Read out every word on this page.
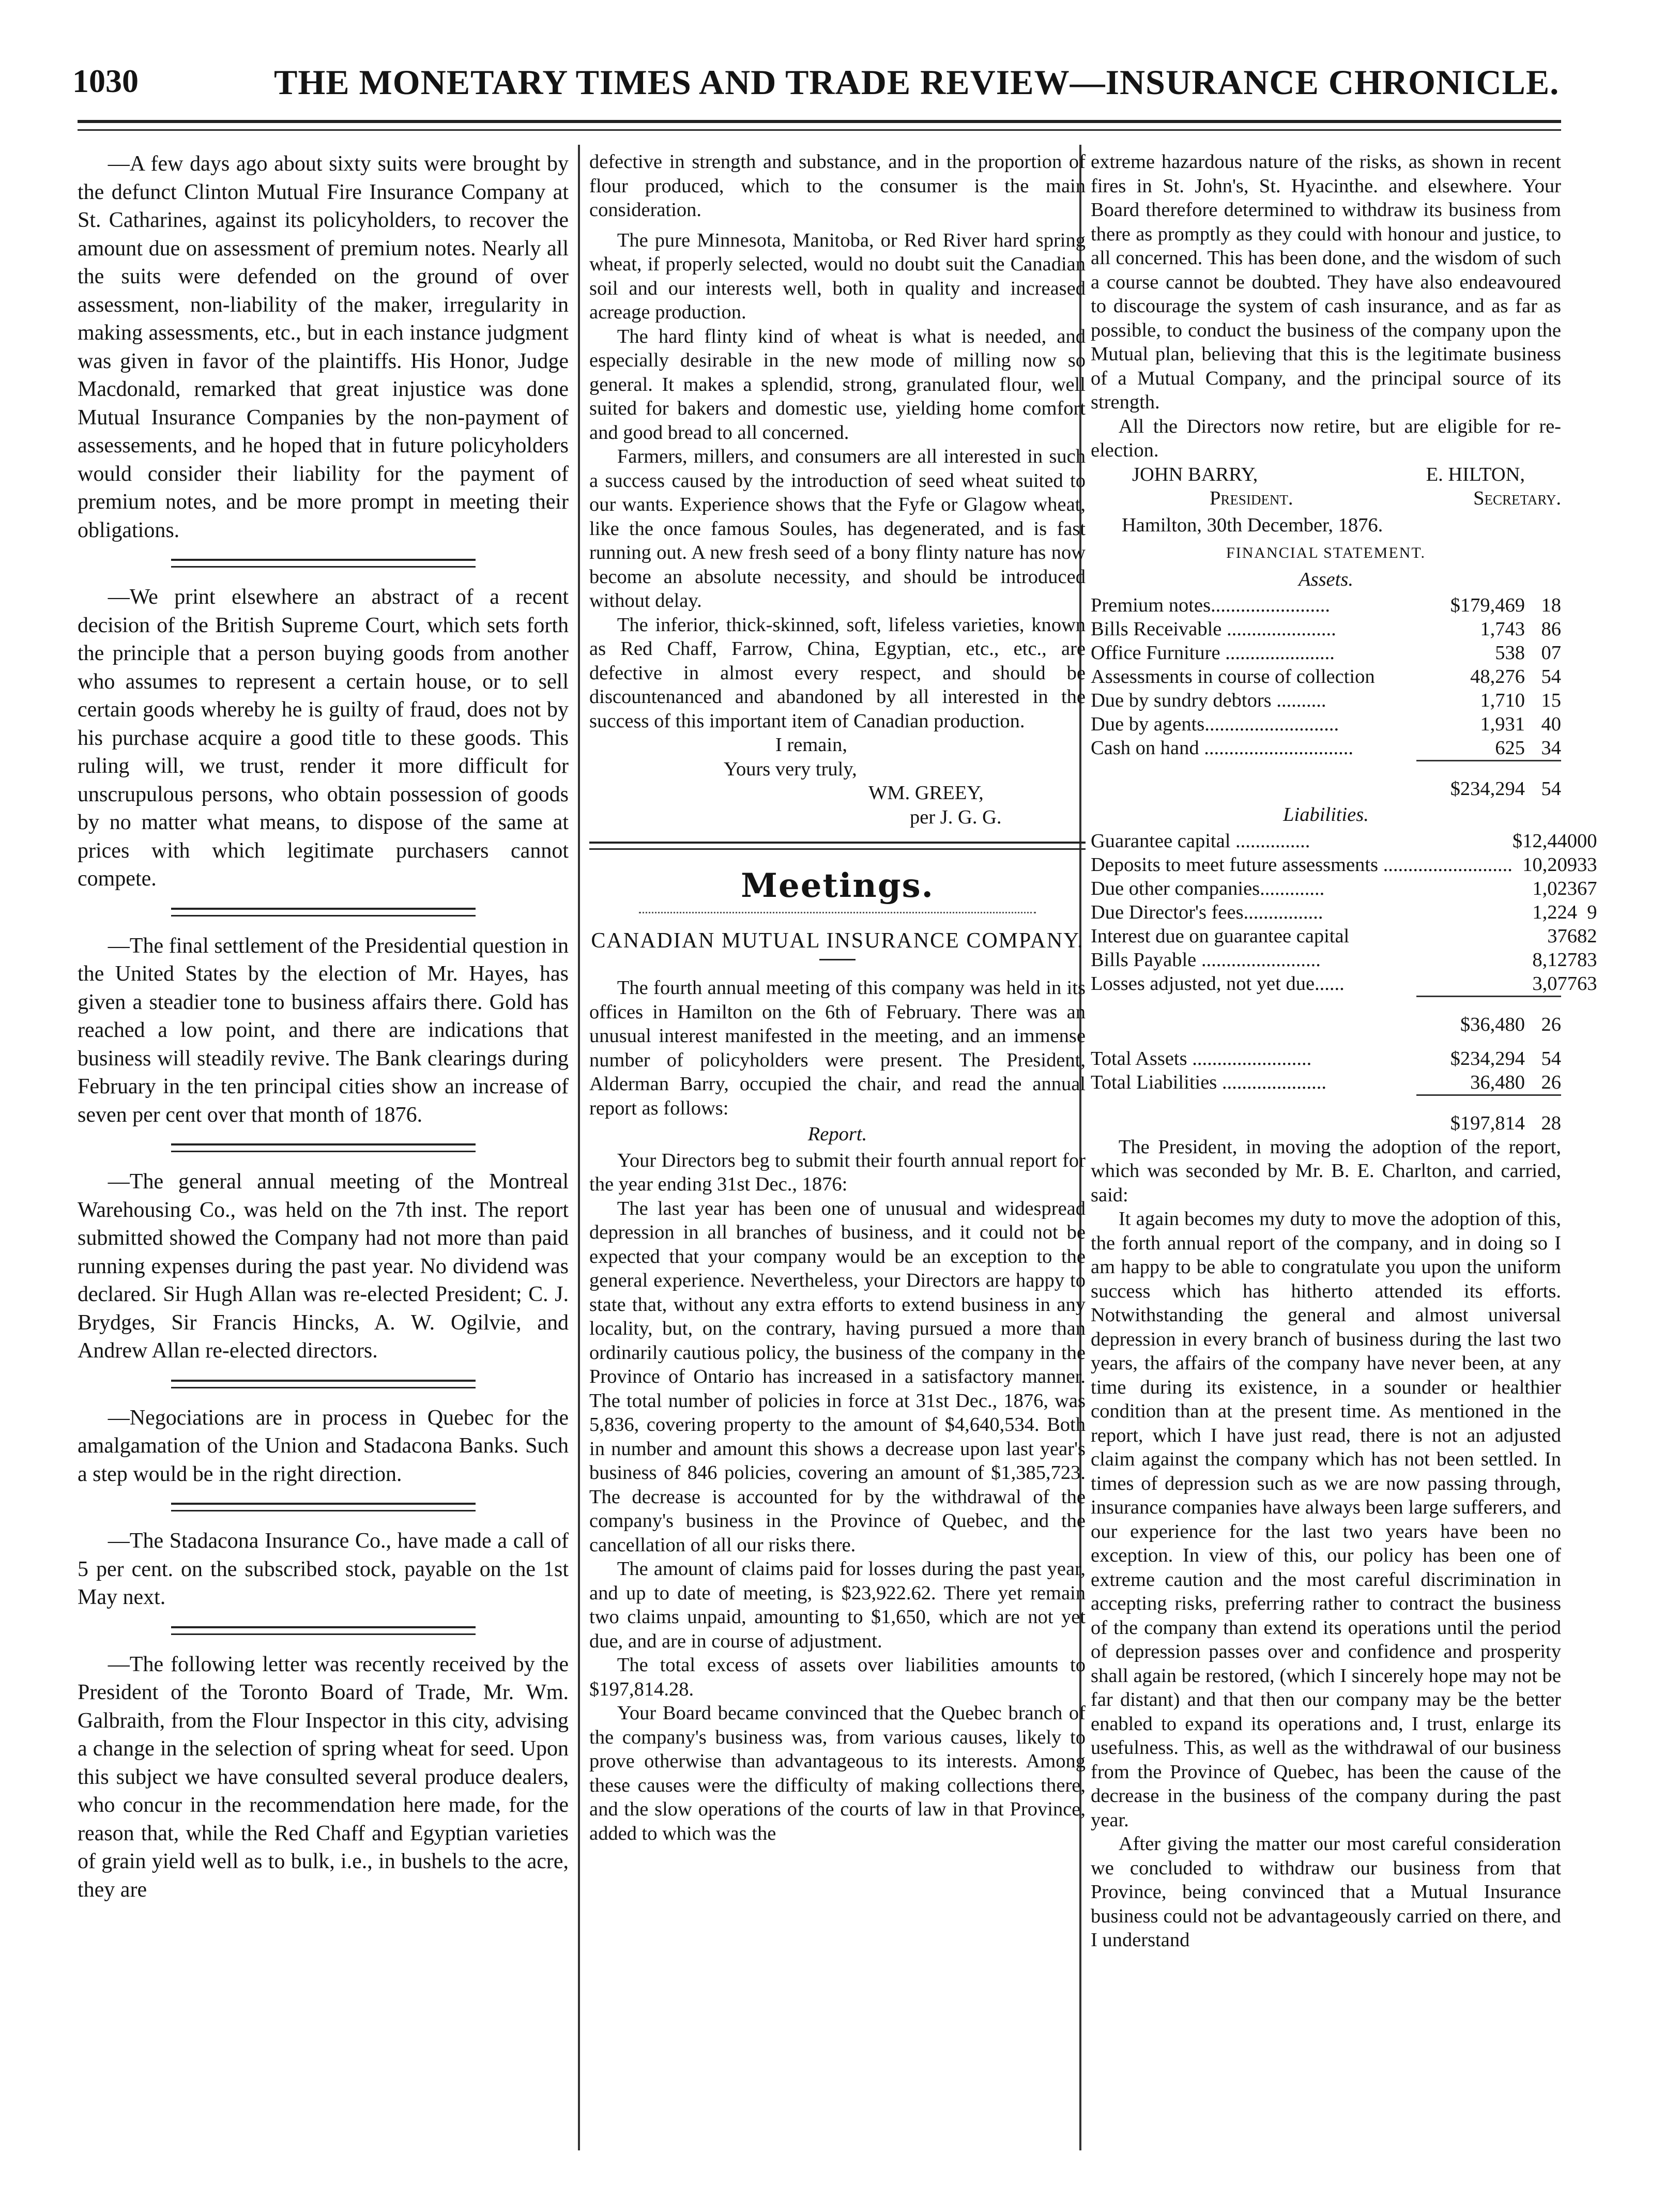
1030	THE MONETARY TIMES AND TRADE REVIEW—INSURANCE CHRONICLE.

—A few days ago about sixty suits were brought by the defunct Clinton Mutual Fire Insurance Company at St. Catharines, against its policyholders, to recover the amount due on assessment of premium notes. Nearly all the suits were defended on the ground of over assessment, non-liability of the maker, irregularity in making assessments, etc., but in each instance judgment was given in favor of the plaintiffs. His Honor, Judge Macdonald, remarked that great injustice was done Mutual Insurance Companies by the non-payment of assessements, and he hoped that in future policyholders would consider their liability for the payment of premium notes, and be more prompt in meeting their obligations.

—We print elsewhere an abstract of a recent decision of the British Supreme Court, which sets forth the principle that a person buying goods from another who assumes to represent a certain house, or to sell certain goods whereby he is guilty of fraud, does not by his purchase acquire a good title to these goods. This ruling will, we trust, render it more difficult for unscrupulous persons, who obtain possession of goods by no matter what means, to dispose of the same at prices with which legitimate purchasers cannot compete.

—The final settlement of the Presidential question in the United States by the election of Mr. Hayes, has given a steadier tone to business affairs there. Gold has reached a low point, and there are indications that business will steadily revive. The Bank clearings during February in the ten principal cities show an increase of seven per cent over that month of 1876.

—The general annual meeting of the Montreal Warehousing Co., was held on the 7th inst. The report submitted showed the Company had not more than paid running expenses during the past year. No dividend was declared. Sir Hugh Allan was re-elected President; C. J. Brydges, Sir Francis Hincks, A. W. Ogilvie, and Andrew Allan re-elected directors.

—Negociations are in process in Quebec for the amalgamation of the Union and Stadacona Banks. Such a step would be in the right direction.

—The Stadacona Insurance Co., have made a call of 5 per cent. on the subscribed stock, payable on the 1st May next.

—The following letter was recently received by the President of the Toronto Board of Trade, Mr. Wm. Galbraith, from the Flour Inspector in this city, advising a change in the selection of spring wheat for seed. Upon this subject we have consulted several produce dealers, who concur in the recommendation here made, for the reason that, while the Red Chaff and Egyptian varieties of grain yield well as to bulk, i.e., in bushels to the acre, they are

defective in strength and substance, and in the proportion of flour produced, which to the consumer is the main consideration.

The pure Minnesota, Manitoba, or Red River hard spring wheat, if properly selected, would no doubt suit the Canadian soil and our interests well, both in quality and increased acreage production.

The hard flinty kind of wheat is what is needed, and especially desirable in the new mode of milling now so general. It makes a splendid, strong, granulated flour, well suited for bakers and domestic use, yielding home comfort and good bread to all concerned.

Farmers, millers, and consumers are all interested in such a success caused by the introduction of seed wheat suited to our wants. Experience shows that the Fyfe or Glagow wheat, like the once famous Soules, has degenerated, and is fast running out. A new fresh seed of a bony flinty nature has now become an absolute necessity, and should be introduced without delay.

The inferior, thick-skinned, soft, lifeless varieties, known as Red Chaff, Farrow, China, Egyptian, etc., etc., are defective in almost every respect, and should be discountenanced and abandoned by all interested in the success of this important item of Canadian production.

I remain,
Yours very truly,
WM. GREEY,
per J. G. G.
Meetings.
CANADIAN MUTUAL INSURANCE COMPANY.

The fourth annual meeting of this company was held in its offices in Hamilton on the 6th of February. There was an unusual interest manifested in the meeting, and an immense number of policyholders were present. The President, Alderman Barry, occupied the chair, and read the annual report as follows:

Report.

Your Directors beg to submit their fourth annual report for the year ending 31st Dec., 1876:

The last year has been one of unusual and widespread depression in all branches of business, and it could not be expected that your company would be an exception to the general experience. Nevertheless, your Directors are happy to state that, without any extra efforts to extend business in any locality, but, on the contrary, having pursued a more than ordinarily cautious policy, the business of the company in the Province of Ontario has increased in a satisfactory manner. The total number of policies in force at 31st Dec., 1876, was 5,836, covering property to the amount of $4,640,534. Both in number and amount this shows a decrease upon last year's business of 846 policies, covering an amount of $1,385,723. The decrease is accounted for by the withdrawal of the company's business in the Province of Quebec, and the cancellation of all our risks there.

The amount of claims paid for losses during the past year, and up to date of meeting, is $23,922.62. There yet remain two claims unpaid, amounting to $1,650, which are not yet due, and are in course of adjustment.

The total excess of assets over liabilities amounts to $197,814.28.

Your Board became convinced that the Quebec branch of the company's business was, from various causes, likely to prove otherwise than advantageous to its interests. Among these causes were the difficulty of making collections there, and the slow operations of the courts of law in that Province, added to which was the

extreme hazardous nature of the risks, as shown in recent fires in St. John's, St. Hyacinthe. and elsewhere. Your Board therefore determined to withdraw its business from there as promptly as they could with honour and justice, to all concerned. This has been done, and the wisdom of such a course cannot be doubted. They have also endeavoured to discourage the system of cash insurance, and as far as possible, to conduct the business of the company upon the Mutual plan, believing that this is the legitimate business of a Mutual Company, and the principal source of its strength.

All the Directors now retire, but are eligible for re-election.

JOHN BARRY,	E. HILTON,
President.	Secretary.
Hamilton, 30th December, 1876.
FINANCIAL STATEMENT.
Assets.
Premium notes........................	$179,469	18
Bills Receivable ......................	1,743	86
Office Furniture ......................	538	07
Assessments in course of collection	48,276	54
Due by sundry debtors ..........	1,710	15
Due by agents...........................	1,931	40
Cash on hand ..............................	625	34
	$234,294	54
Liabilities.
Guarantee capital ...............	$12,440	00
Deposits to meet future assessments ..........................	10,209	33
Due other companies.............	1,023	67
Due Director's fees................	1,224	9
Interest due on guarantee capital	376	82
Bills Payable ........................	8,127	83
Losses adjusted, not yet due......	3,077	63
	$36,480	26
Total Assets ........................	$234,294	54
Total Liabilities .....................	36,480	26
	$197,814	28

The President, in moving the adoption of the report, which was seconded by Mr. B. E. Charlton, and carried, said:

It again becomes my duty to move the adoption of this, the forth annual report of the company, and in doing so I am happy to be able to congratulate you upon the uniform success which has hitherto attended its efforts. Notwithstanding the general and almost universal depression in every branch of business during the last two years, the affairs of the company have never been, at any time during its existence, in a sounder or healthier condition than at the present time. As mentioned in the report, which I have just read, there is not an adjusted claim against the company which has not been settled. In times of depression such as we are now passing through, insurance companies have always been large sufferers, and our experience for the last two years have been no exception. In view of this, our policy has been one of extreme caution and the most careful discrimination in accepting risks, preferring rather to contract the business of the company than extend its operations until the period of depression passes over and confidence and prosperity shall again be restored, (which I sincerely hope may not be far distant) and that then our company may be the better enabled to expand its operations and, I trust, enlarge its usefulness. This, as well as the withdrawal of our business from the Province of Quebec, has been the cause of the decrease in the business of the company during the past year.

After giving the matter our most careful consideration we concluded to withdraw our business from that Province, being convinced that a Mutual Insurance business could not be advantageously carried on there, and I understand
